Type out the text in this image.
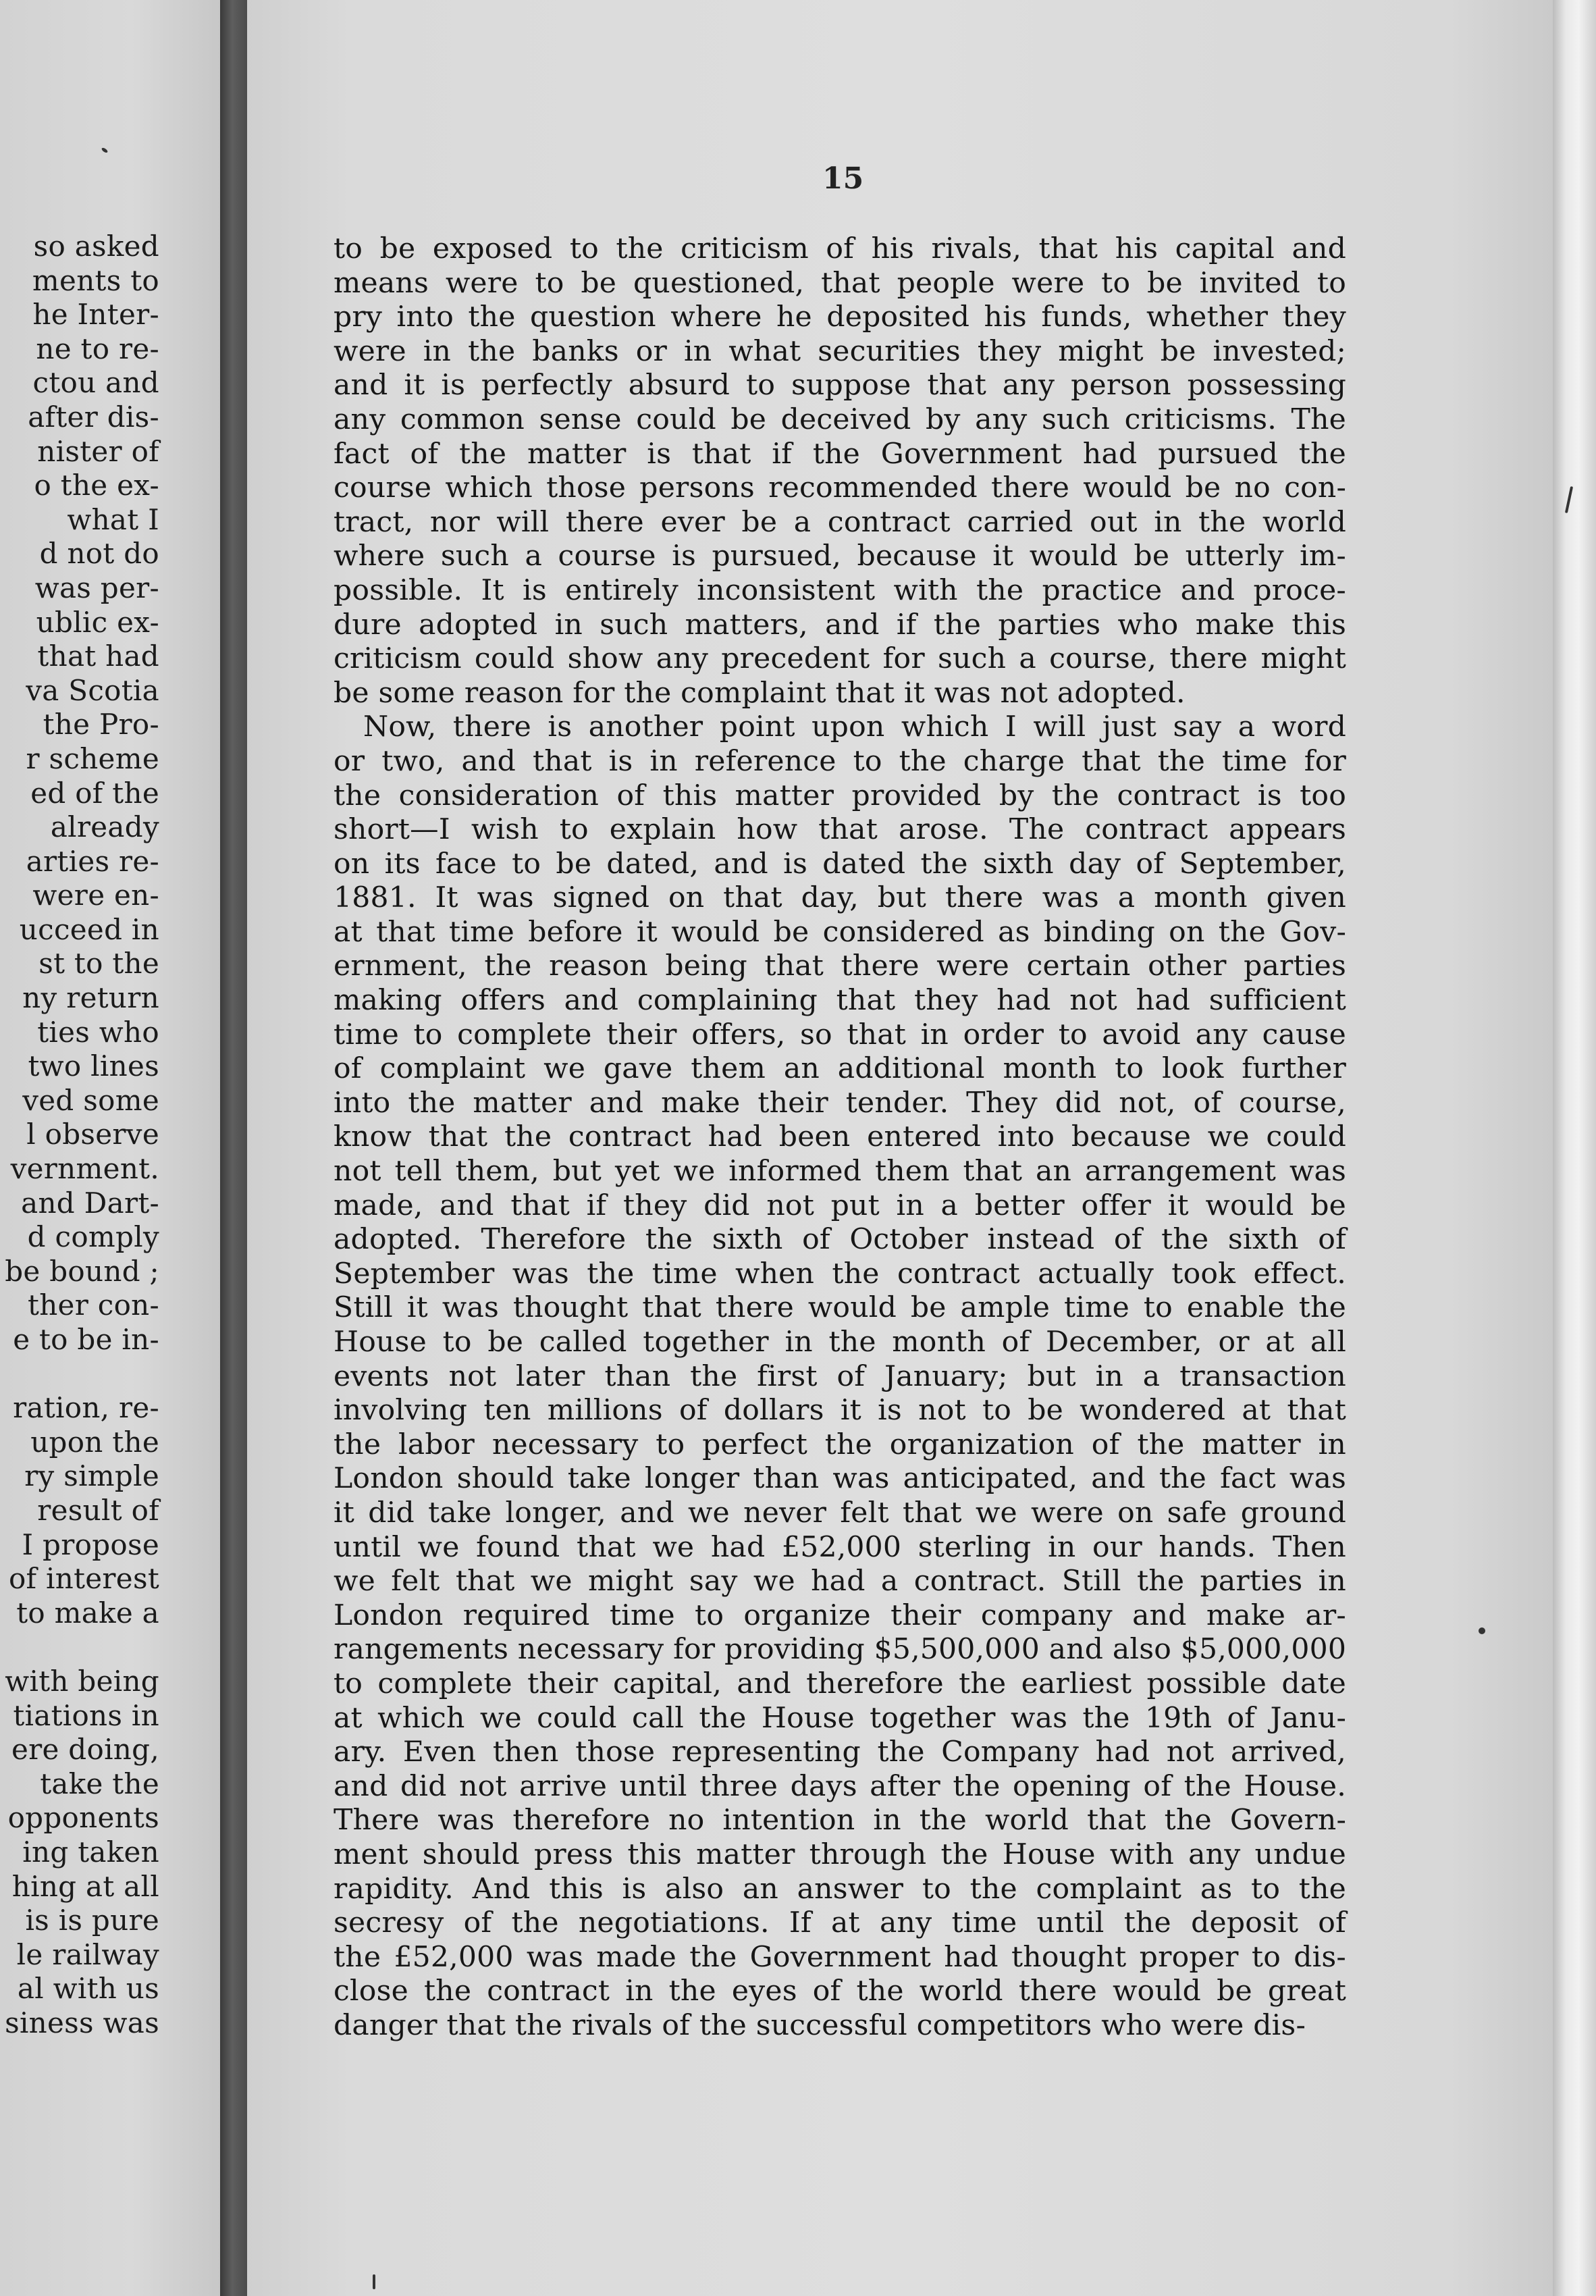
so asked
ments to
he Inter-
ne to re-
ctou and
after dis-
nister of
o the ex-
what I
d not do
was per-
ublic ex-
that had
va Scotia
the Pro-
r scheme
ed of the
already
arties re-
were en-
ucceed in
st to the
ny return
ties who
two lines
ved some
l observe
vernment.
and Dart-
d comply
be bound ;
ther con-
e to be in-
ration, re-
upon the
ry simple
result of
I propose
of interest
to make a
with being
tiations in
ere doing,
take the
opponents
ing taken
hing at all
is is pure
le railway
al with us
siness was
15
to be exposed to the criticism of his rivals, that his capital and
means were to be questioned, that people were to be invited to
pry into the question where he deposited his funds, whether they
were in the banks or in what securities they might be invested;
and it is perfectly absurd to suppose that any person possessing
any common sense could be deceived by any such criticisms. The
fact of the matter is that if the Government had pursued the
course which those persons recommended there would be no con-
tract, nor will there ever be a contract carried out in the world
where such a course is pursued, because it would be utterly im-
possible. It is entirely inconsistent with the practice and proce-
dure adopted in such matters, and if the parties who make this
criticism could show any precedent for such a course, there might
be some reason for the complaint that it was not adopted.
Now, there is another point upon which I will just say a word
or two, and that is in reference to the charge that the time for
the consideration of this matter provided by the contract is too
short—I wish to explain how that arose. The contract appears
on its face to be dated, and is dated the sixth day of September,
1881. It was signed on that day, but there was a month given
at that time before it would be considered as binding on the Gov-
ernment, the reason being that there were certain other parties
making offers and complaining that they had not had sufficient
time to complete their offers, so that in order to avoid any cause
of complaint we gave them an additional month to look further
into the matter and make their tender. They did not, of course,
know that the contract had been entered into because we could
not tell them, but yet we informed them that an arrangement was
made, and that if they did not put in a better offer it would be
adopted. Therefore the sixth of October instead of the sixth of
September was the time when the contract actually took effect.
Still it was thought that there would be ample time to enable the
House to be called together in the month of December, or at all
events not later than the first of January; but in a transaction
involving ten millions of dollars it is not to be wondered at that
the labor necessary to perfect the organization of the matter in
London should take longer than was anticipated, and the fact was
it did take longer, and we never felt that we were on safe ground
until we found that we had £52,000 sterling in our hands. Then
we felt that we might say we had a contract. Still the parties in
London required time to organize their company and make ar-
rangements necessary for providing $5,500,000 and also $5,000,000
to complete their capital, and therefore the earliest possible date
at which we could call the House together was the 19th of Janu-
ary. Even then those representing the Company had not arrived,
and did not arrive until three days after the opening of the House.
There was therefore no intention in the world that the Govern-
ment should press this matter through the House with any undue
rapidity. And this is also an answer to the complaint as to the
secresy of the negotiations. If at any time until the deposit of
the £52,000 was made the Government had thought proper to dis-
close the contract in the eyes of the world there would be great
danger that the rivals of the successful competitors who were dis-
